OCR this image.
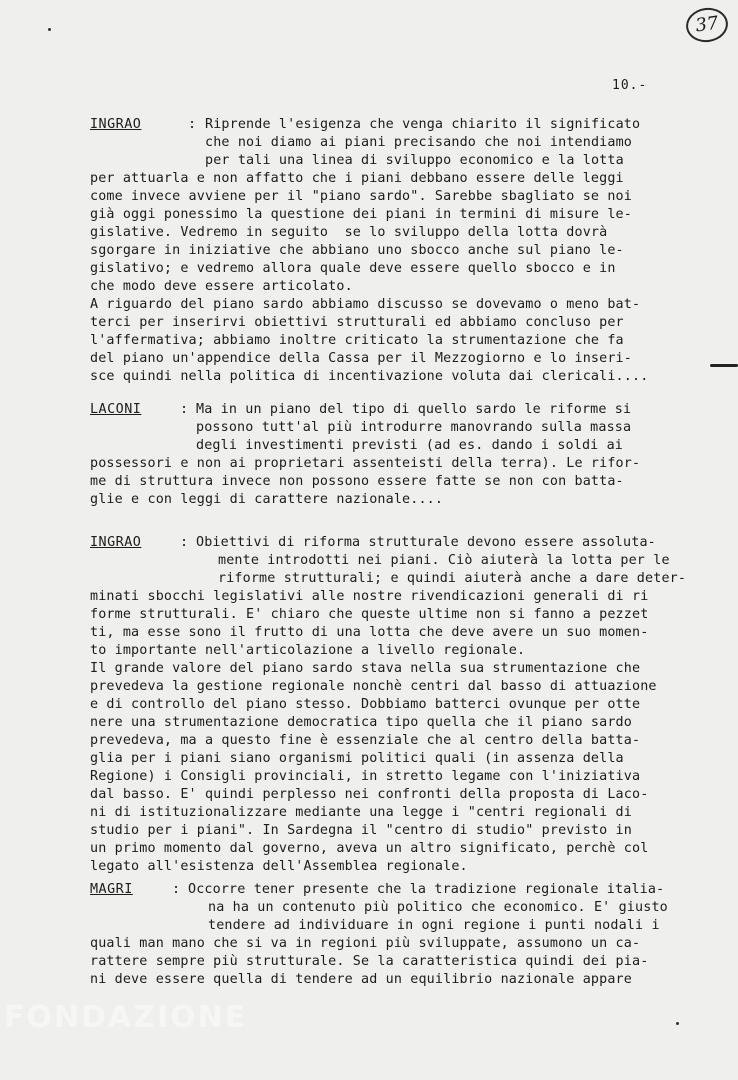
37
10.-
INGRAO	: Riprende l'esigenza che venga chiarito il significato
che noi diamo ai piani precisando che noi intendiamo
per tali una linea di sviluppo economico e la lotta
per attuarla e non affatto che i piani debbano essere delle leggi
come invece avviene per il "piano sardo". Sarebbe sbagliato se noi
già oggi ponessimo la questione dei piani in termini di misure le-
gislative. Vedremo in seguito  se lo sviluppo della lotta dovrà
sgorgare in iniziative che abbiano uno sbocco anche sul piano le-
gislativo; e vedremo allora quale deve essere quello sbocco e in
che modo deve essere articolato.
A riguardo del piano sardo abbiamo discusso se dovevamo o meno bat-
terci per inserirvi obiettivi strutturali ed abbiamo concluso per
l'affermativa; abbiamo inoltre criticato la strumentazione che fa
del piano un'appendice della Cassa per il Mezzogiorno e lo inseri-
sce quindi nella politica di incentivazione voluta dai clericali....
LACONI	: Ma in un piano del tipo di quello sardo le riforme si
possono tutt'al più introdurre manovrando sulla massa
degli investimenti previsti (ad es. dando i soldi ai
possessori e non ai proprietari assenteisti della terra). Le rifor-
me di struttura invece non possono essere fatte se non con batta-
glie e con leggi di carattere nazionale....
INGRAO	: Obiettivi di riforma strutturale devono essere assoluta-
mente introdotti nei piani. Ciò aiuterà la lotta per le
riforme strutturali; e quindi aiuterà anche a dare deter-
minati sbocchi legislativi alle nostre rivendicazioni generali di ri
forme strutturali. E' chiaro che queste ultime non si fanno a pezzet
ti, ma esse sono il frutto di una lotta che deve avere un suo momen-
to importante nell'articolazione a livello regionale.
Il grande valore del piano sardo stava nella sua strumentazione che
prevedeva la gestione regionale nonchè centri dal basso di attuazione
e di controllo del piano stesso. Dobbiamo batterci ovunque per otte
nere una strumentazione democratica tipo quella che il piano sardo
prevedeva, ma a questo fine è essenziale che al centro della batta-
glia per i piani siano organismi politici quali (in assenza della
Regione) i Consigli provinciali, in stretto legame con l'iniziativa
dal basso. E' quindi perplesso nei confronti della proposta di Laco-
ni di istituzionalizzare mediante una legge i "centri regionali di
studio per i piani". In Sardegna il "centro di studio" previsto in
un primo momento dal governo, aveva un altro significato, perchè col
legato all'esistenza dell'Assemblea regionale.
MAGRI	: Occorre tener presente che la tradizione regionale italia-
na ha un contenuto più politico che economico. E' giusto
tendere ad individuare in ogni regione i punti nodali i
quali man mano che si va in regioni più sviluppate, assumono un ca-
rattere sempre più strutturale. Se la caratteristica quindi dei pia-
ni deve essere quella di tendere ad un equilibrio nazionale appare
FONDAZIONE
